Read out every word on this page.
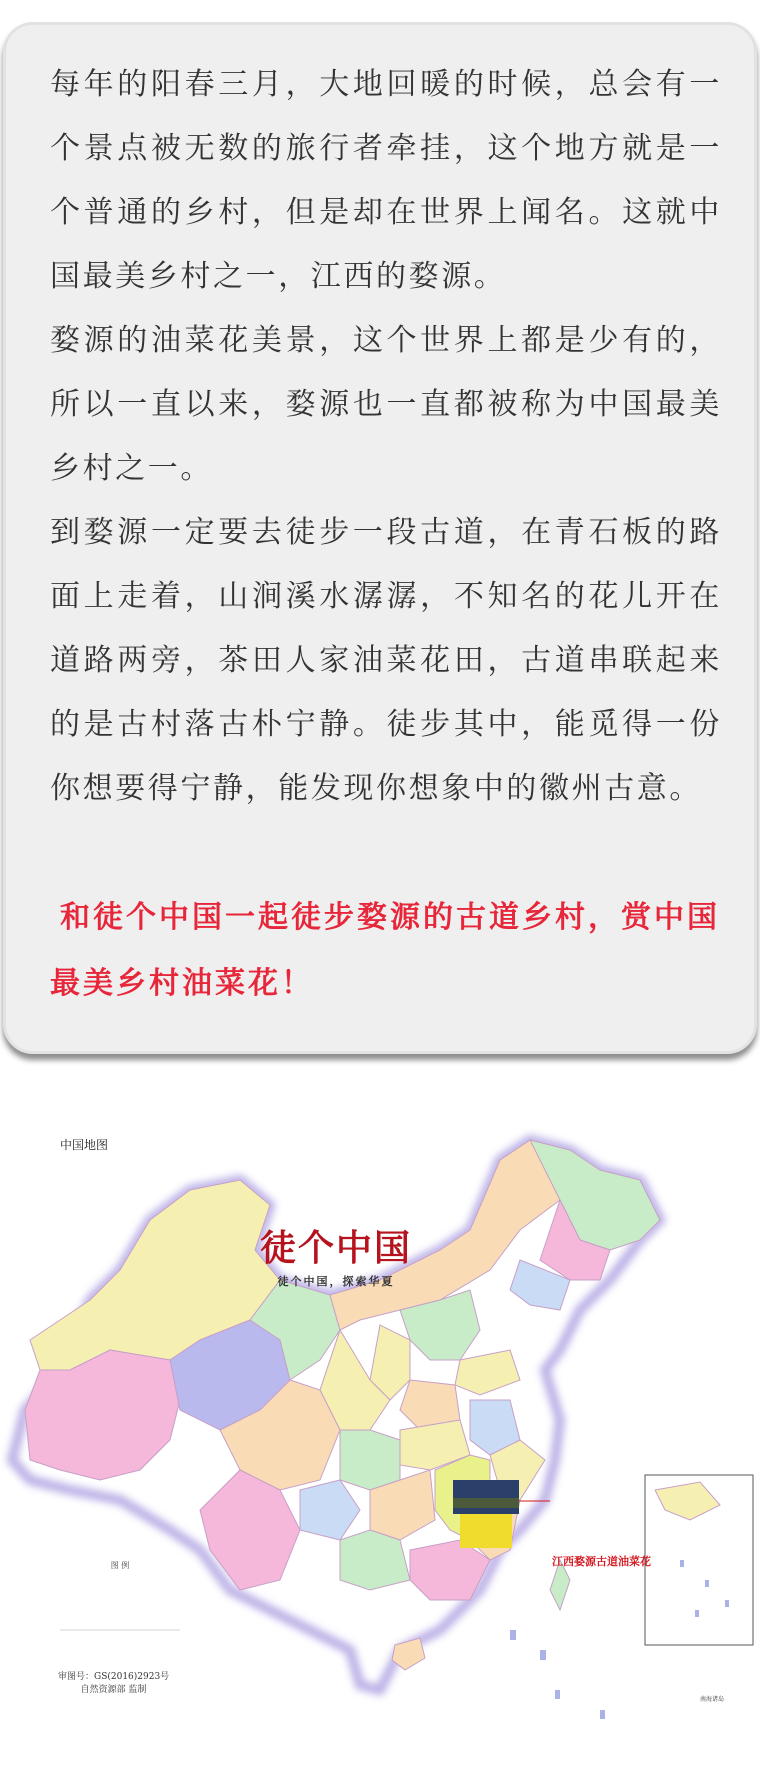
每年的阳春三月，大地回暖的时候，总会有一个景点被无数的旅行者牵挂，这个地方就是一个普通的乡村，但是却在世界上闻名。这就中国最美乡村之一，江西的婺源。

婺源的油菜花美景，这个世界上都是少有的，所以一直以来，婺源也一直都被称为中国最美乡村之一。

到婺源一定要去徒步一段古道，在青石板的路面上走着，山涧溪水潺潺，不知名的花儿开在道路两旁，茶田人家油菜花田，古道串联起来的是古村落古朴宁静。徒步其中，能觅得一份你想要得宁静，能发现你想象中的徽州古意。

和徒个中国一起徒步婺源的古道乡村，赏中国最美乡村油菜花！

中国地图
徒个中国
徒个中国，探索华夏
江西婺源古道油菜花
图 例
审图号：GS(2016)2923号
自然资源部 监制
南海诸岛
